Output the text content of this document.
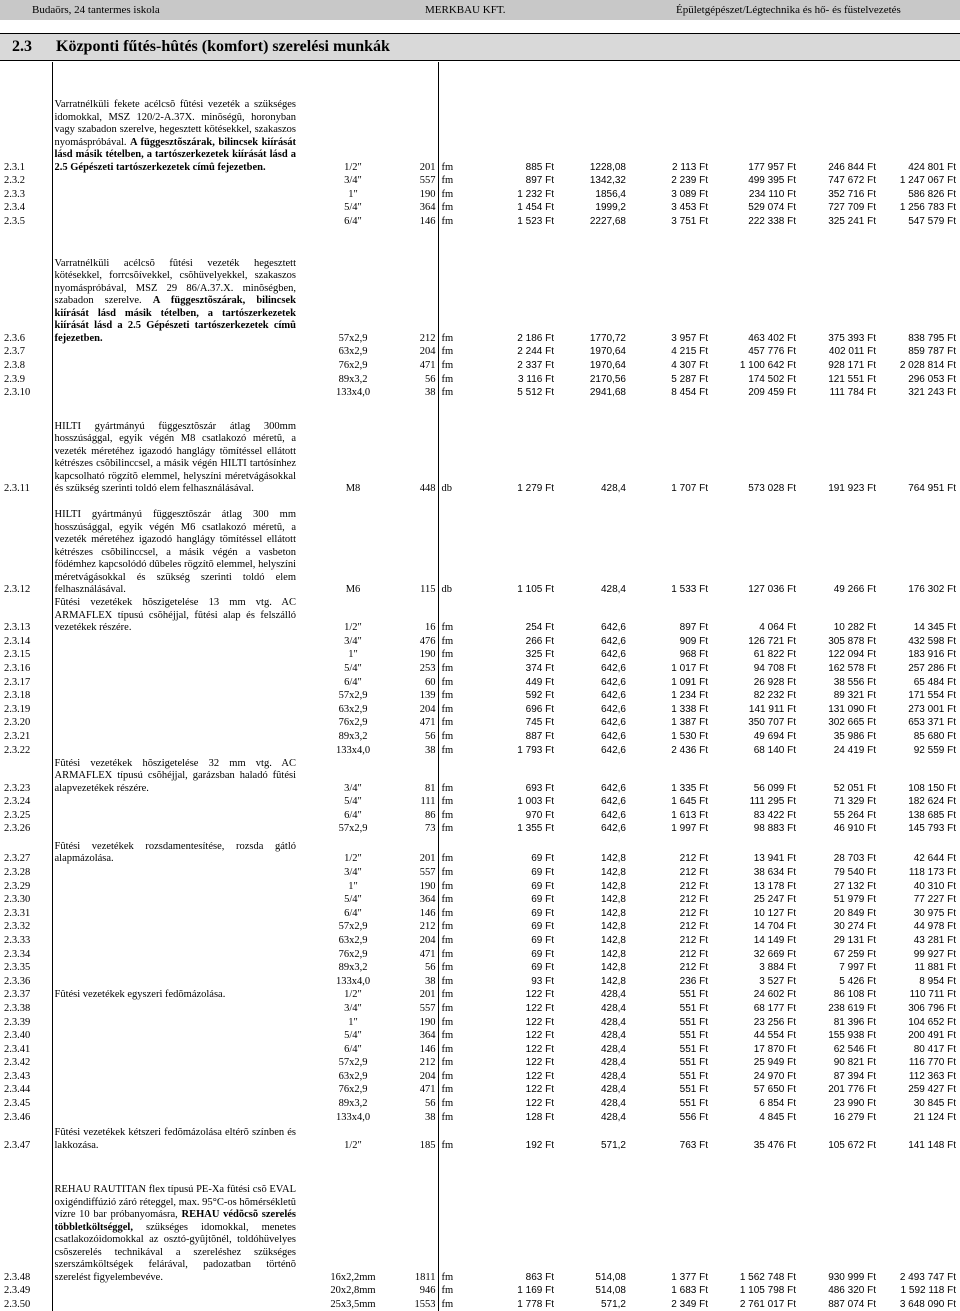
Budaörs, 24 tantermes iskola	MERKBAU KFT.	Épületgépészet/Légtechnika és hő- és füstelvezetés
2.3 Központi fűtés-hûtés (komfort) szerelési munkák
2.3.1	Varratnélküli fekete acélcsõ fûtési vezeték a szükséges idomokkal, MSZ 120/2-A.37X. minõségû, horonyban vagy szabadon szerelve, hegesztett kötésekkel, szakaszos nyomáspróbával. A függesztõszárak, bilincsek kiírását lásd másik tételben, a tartószerkezetek kiírását lásd a 2.5 Gépészeti tartószerkezetek címû fejezetben.	1/2"	201	fm	885 Ft	1228,08	2 113 Ft	177 957 Ft	246 844 Ft	424 801 Ft
2.3.2		3/4"	557	fm	897 Ft	1342,32	2 239 Ft	499 395 Ft	747 672 Ft	1 247 067 Ft
2.3.3		1"	190	fm	1 232 Ft	1856,4	3 089 Ft	234 110 Ft	352 716 Ft	586 826 Ft
2.3.4		5/4"	364	fm	1 454 Ft	1999,2	3 453 Ft	529 074 Ft	727 709 Ft	1 256 783 Ft
2.3.5		6/4"	146	fm	1 523 Ft	2227,68	3 751 Ft	222 338 Ft	325 241 Ft	547 579 Ft
2.3.6	Varratnélküli acélcsõ fûtési vezeték hegesztett kötésekkel, forrcsõívekkel, csõhüvelyekkel, szakaszos nyomáspróbával, MSZ 29 86/A.37.X. minõségben, szabadon szerelve. A függesztõszárak, bilincsek kiírását lásd másik tételben, a tartószerkezetek kiírását lásd a 2.5 Gépészeti tartószerkezetek címû fejezetben.	57x2,9	212	fm	2 186 Ft	1770,72	3 957 Ft	463 402 Ft	375 393 Ft	838 795 Ft
2.3.7		63x2,9	204	fm	2 244 Ft	1970,64	4 215 Ft	457 776 Ft	402 011 Ft	859 787 Ft
2.3.8		76x2,9	471	fm	2 337 Ft	1970,64	4 307 Ft	1 100 642 Ft	928 171 Ft	2 028 814 Ft
2.3.9		89x3,2	56	fm	3 116 Ft	2170,56	5 287 Ft	174 502 Ft	121 551 Ft	296 053 Ft
2.3.10		133x4,0	38	fm	5 512 Ft	2941,68	8 454 Ft	209 459 Ft	111 784 Ft	321 243 Ft
2.3.11	HILTI gyártmányú függesztõszár átlag 300mm hosszúsággal, egyik végén M8 csatlakozó méretû, a vezeték méretéhez igazodó hanglágy tömítéssel ellátott kétrészes csõbilinccsel, a másik végén HILTI tartósínhez kapcsolható rögzítõ elemmel, helyszíni méretvágásokkal és szükség szerinti toldó elem felhasználásával.	M8	448	db	1 279 Ft	428,4	1 707 Ft	573 028 Ft	191 923 Ft	764 951 Ft
2.3.12	HILTI gyártmányú függesztõszár átlag 300 mm hosszúsággal, egyik végén M6 csatlakozó méretû, a vezeték méretéhez igazodó hanglágy tömítéssel ellátott kétrészes csõbilinccsel, a másik végén a vasbeton födémhez kapcsolódó dûbeles rögzítõ elemmel, helyszíni méretvágásokkal és szükség szerinti toldó elem felhasználásával.	M6	115	db	1 105 Ft	428,4	1 533 Ft	127 036 Ft	49 266 Ft	176 302 Ft
2.3.13	Fûtési vezetékek hõszigetelése 13 mm vtg. AC ARMAFLEX típusú csõhéjjal, fûtési alap és felszálló vezetékek részére.	1/2"	16	fm	254 Ft	642,6	897 Ft	4 064 Ft	10 282 Ft	14 345 Ft
2.3.14		3/4"	476	fm	266 Ft	642,6	909 Ft	126 721 Ft	305 878 Ft	432 598 Ft
2.3.15		1"	190	fm	325 Ft	642,6	968 Ft	61 822 Ft	122 094 Ft	183 916 Ft
2.3.16		5/4"	253	fm	374 Ft	642,6	1 017 Ft	94 708 Ft	162 578 Ft	257 286 Ft
2.3.17		6/4"	60	fm	449 Ft	642,6	1 091 Ft	26 928 Ft	38 556 Ft	65 484 Ft
2.3.18		57x2,9	139	fm	592 Ft	642,6	1 234 Ft	82 232 Ft	89 321 Ft	171 554 Ft
2.3.19		63x2,9	204	fm	696 Ft	642,6	1 338 Ft	141 911 Ft	131 090 Ft	273 001 Ft
2.3.20		76x2,9	471	fm	745 Ft	642,6	1 387 Ft	350 707 Ft	302 665 Ft	653 371 Ft
2.3.21		89x3,2	56	fm	887 Ft	642,6	1 530 Ft	49 694 Ft	35 986 Ft	85 680 Ft
2.3.22		133x4,0	38	fm	1 793 Ft	642,6	2 436 Ft	68 140 Ft	24 419 Ft	92 559 Ft
2.3.23	Fûtési vezetékek hõszigetelése 32 mm vtg. AC ARMAFLEX típusú csõhéjjal, garázsban haladó fûtési alapvezetékek részére.	3/4"	81	fm	693 Ft	642,6	1 335 Ft	56 099 Ft	52 051 Ft	108 150 Ft
2.3.24		5/4"	111	fm	1 003 Ft	642,6	1 645 Ft	111 295 Ft	71 329 Ft	182 624 Ft
2.3.25		6/4"	86	fm	970 Ft	642,6	1 613 Ft	83 422 Ft	55 264 Ft	138 685 Ft
2.3.26		57x2,9	73	fm	1 355 Ft	642,6	1 997 Ft	98 883 Ft	46 910 Ft	145 793 Ft
2.3.27	Fûtési vezetékek rozsdamentesítése, rozsda gátló alapmázolása.	1/2"	201	fm	69 Ft	142,8	212 Ft	13 941 Ft	28 703 Ft	42 644 Ft
2.3.28		3/4"	557	fm	69 Ft	142,8	212 Ft	38 634 Ft	79 540 Ft	118 173 Ft
2.3.29		1"	190	fm	69 Ft	142,8	212 Ft	13 178 Ft	27 132 Ft	40 310 Ft
2.3.30		5/4"	364	fm	69 Ft	142,8	212 Ft	25 247 Ft	51 979 Ft	77 227 Ft
2.3.31		6/4"	146	fm	69 Ft	142,8	212 Ft	10 127 Ft	20 849 Ft	30 975 Ft
2.3.32		57x2,9	212	fm	69 Ft	142,8	212 Ft	14 704 Ft	30 274 Ft	44 978 Ft
2.3.33		63x2,9	204	fm	69 Ft	142,8	212 Ft	14 149 Ft	29 131 Ft	43 281 Ft
2.3.34		76x2,9	471	fm	69 Ft	142,8	212 Ft	32 669 Ft	67 259 Ft	99 927 Ft
2.3.35		89x3,2	56	fm	69 Ft	142,8	212 Ft	3 884 Ft	7 997 Ft	11 881 Ft
2.3.36		133x4,0	38	fm	93 Ft	142,8	236 Ft	3 527 Ft	5 426 Ft	8 954 Ft
2.3.37	Fûtési vezetékek egyszeri fedõmázolása.	1/2"	201	fm	122 Ft	428,4	551 Ft	24 602 Ft	86 108 Ft	110 711 Ft
2.3.38		3/4"	557	fm	122 Ft	428,4	551 Ft	68 177 Ft	238 619 Ft	306 796 Ft
2.3.39		1"	190	fm	122 Ft	428,4	551 Ft	23 256 Ft	81 396 Ft	104 652 Ft
2.3.40		5/4"	364	fm	122 Ft	428,4	551 Ft	44 554 Ft	155 938 Ft	200 491 Ft
2.3.41		6/4"	146	fm	122 Ft	428,4	551 Ft	17 870 Ft	62 546 Ft	80 417 Ft
2.3.42		57x2,9	212	fm	122 Ft	428,4	551 Ft	25 949 Ft	90 821 Ft	116 770 Ft
2.3.43		63x2,9	204	fm	122 Ft	428,4	551 Ft	24 970 Ft	87 394 Ft	112 363 Ft
2.3.44		76x2,9	471	fm	122 Ft	428,4	551 Ft	57 650 Ft	201 776 Ft	259 427 Ft
2.3.45		89x3,2	56	fm	122 Ft	428,4	551 Ft	6 854 Ft	23 990 Ft	30 845 Ft
2.3.46		133x4,0	38	fm	128 Ft	428,4	556 Ft	4 845 Ft	16 279 Ft	21 124 Ft
2.3.47	Fûtési vezetékek kétszeri fedõmázolása eltérõ színben és lakkozása.	1/2"	185	fm	192 Ft	571,2	763 Ft	35 476 Ft	105 672 Ft	141 148 Ft
2.3.48	REHAU RAUTITAN flex típusú PE-Xa fûtési csõ EVAL oxigéndiffúzió záró réteggel, max. 95°C-os hõmérsékletû vízre 10 bar próbanyomásra, REHAU védõcsõ szerelés többletköltséggel, szükséges idomokkal, menetes csatlakozóidomokkal az osztó-gyûjtõnél, toldóhüvelyes csõszerelés technikával a szereléshez szükséges szerszámköltségek felárával, padozatban történõ szerelést figyelembevéve.	16x2,2mm	1811	fm	863 Ft	514,08	1 377 Ft	1 562 748 Ft	930 999 Ft	2 493 747 Ft
2.3.49		20x2,8mm	946	fm	1 169 Ft	514,08	1 683 Ft	1 105 798 Ft	486 320 Ft	1 592 118 Ft
2.3.50		25x3,5mm	1553	fm	1 778 Ft	571,2	2 349 Ft	2 761 017 Ft	887 074 Ft	3 648 090 Ft
